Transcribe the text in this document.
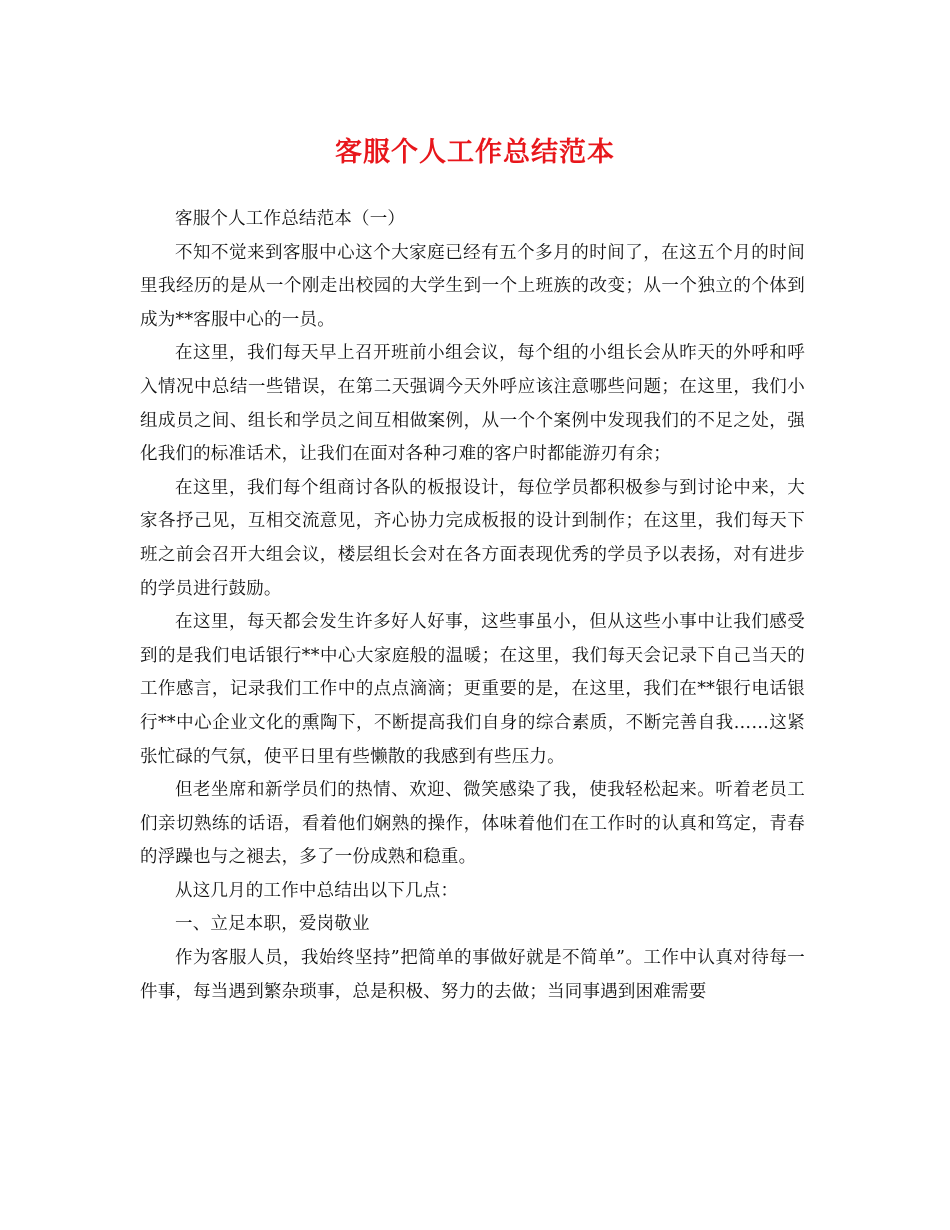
客服个人工作总结范本

客服个人工作总结范本（一）

不知不觉来到客服中心这个大家庭已经有五个多月的时间了，在这五个月的时间里我经历的是从一个刚走出校园的大学生到一个上班族的改变；从一个独立的个体到成为**客服中心的一员。

在这里，我们每天早上召开班前小组会议，每个组的小组长会从昨天的外呼和呼入情况中总结一些错误，在第二天强调今天外呼应该注意哪些问题；在这里，我们小组成员之间、组长和学员之间互相做案例，从一个个案例中发现我们的不足之处，强化我们的标准话术，让我们在面对各种刁难的客户时都能游刃有余；

在这里，我们每个组商讨各队的板报设计，每位学员都积极参与到讨论中来，大家各抒己见，互相交流意见，齐心协力完成板报的设计到制作；在这里，我们每天下班之前会召开大组会议，楼层组长会对在各方面表现优秀的学员予以表扬，对有进步的学员进行鼓励。

在这里，每天都会发生许多好人好事，这些事虽小，但从这些小事中让我们感受到的是我们电话银行**中心大家庭般的温暖；在这里，我们每天会记录下自己当天的工作感言，记录我们工作中的点点滴滴；更重要的是，在这里，我们在**银行电话银行**中心企业文化的熏陶下，不断提高我们自身的综合素质，不断完善自我……这紧张忙碌的气氛，使平日里有些懒散的我感到有些压力。

但老坐席和新学员们的热情、欢迎、微笑感染了我，使我轻松起来。听着老员工们亲切熟练的话语，看着他们娴熟的操作，体味着他们在工作时的认真和笃定，青春的浮躁也与之褪去，多了一份成熟和稳重。

从这几月的工作中总结出以下几点：

一、立足本职，爱岗敬业

作为客服人员，我始终坚持”把简单的事做好就是不简单”。工作中认真对待每一件事，每当遇到繁杂琐事，总是积极、努力的去做；当同事遇到困难需要
